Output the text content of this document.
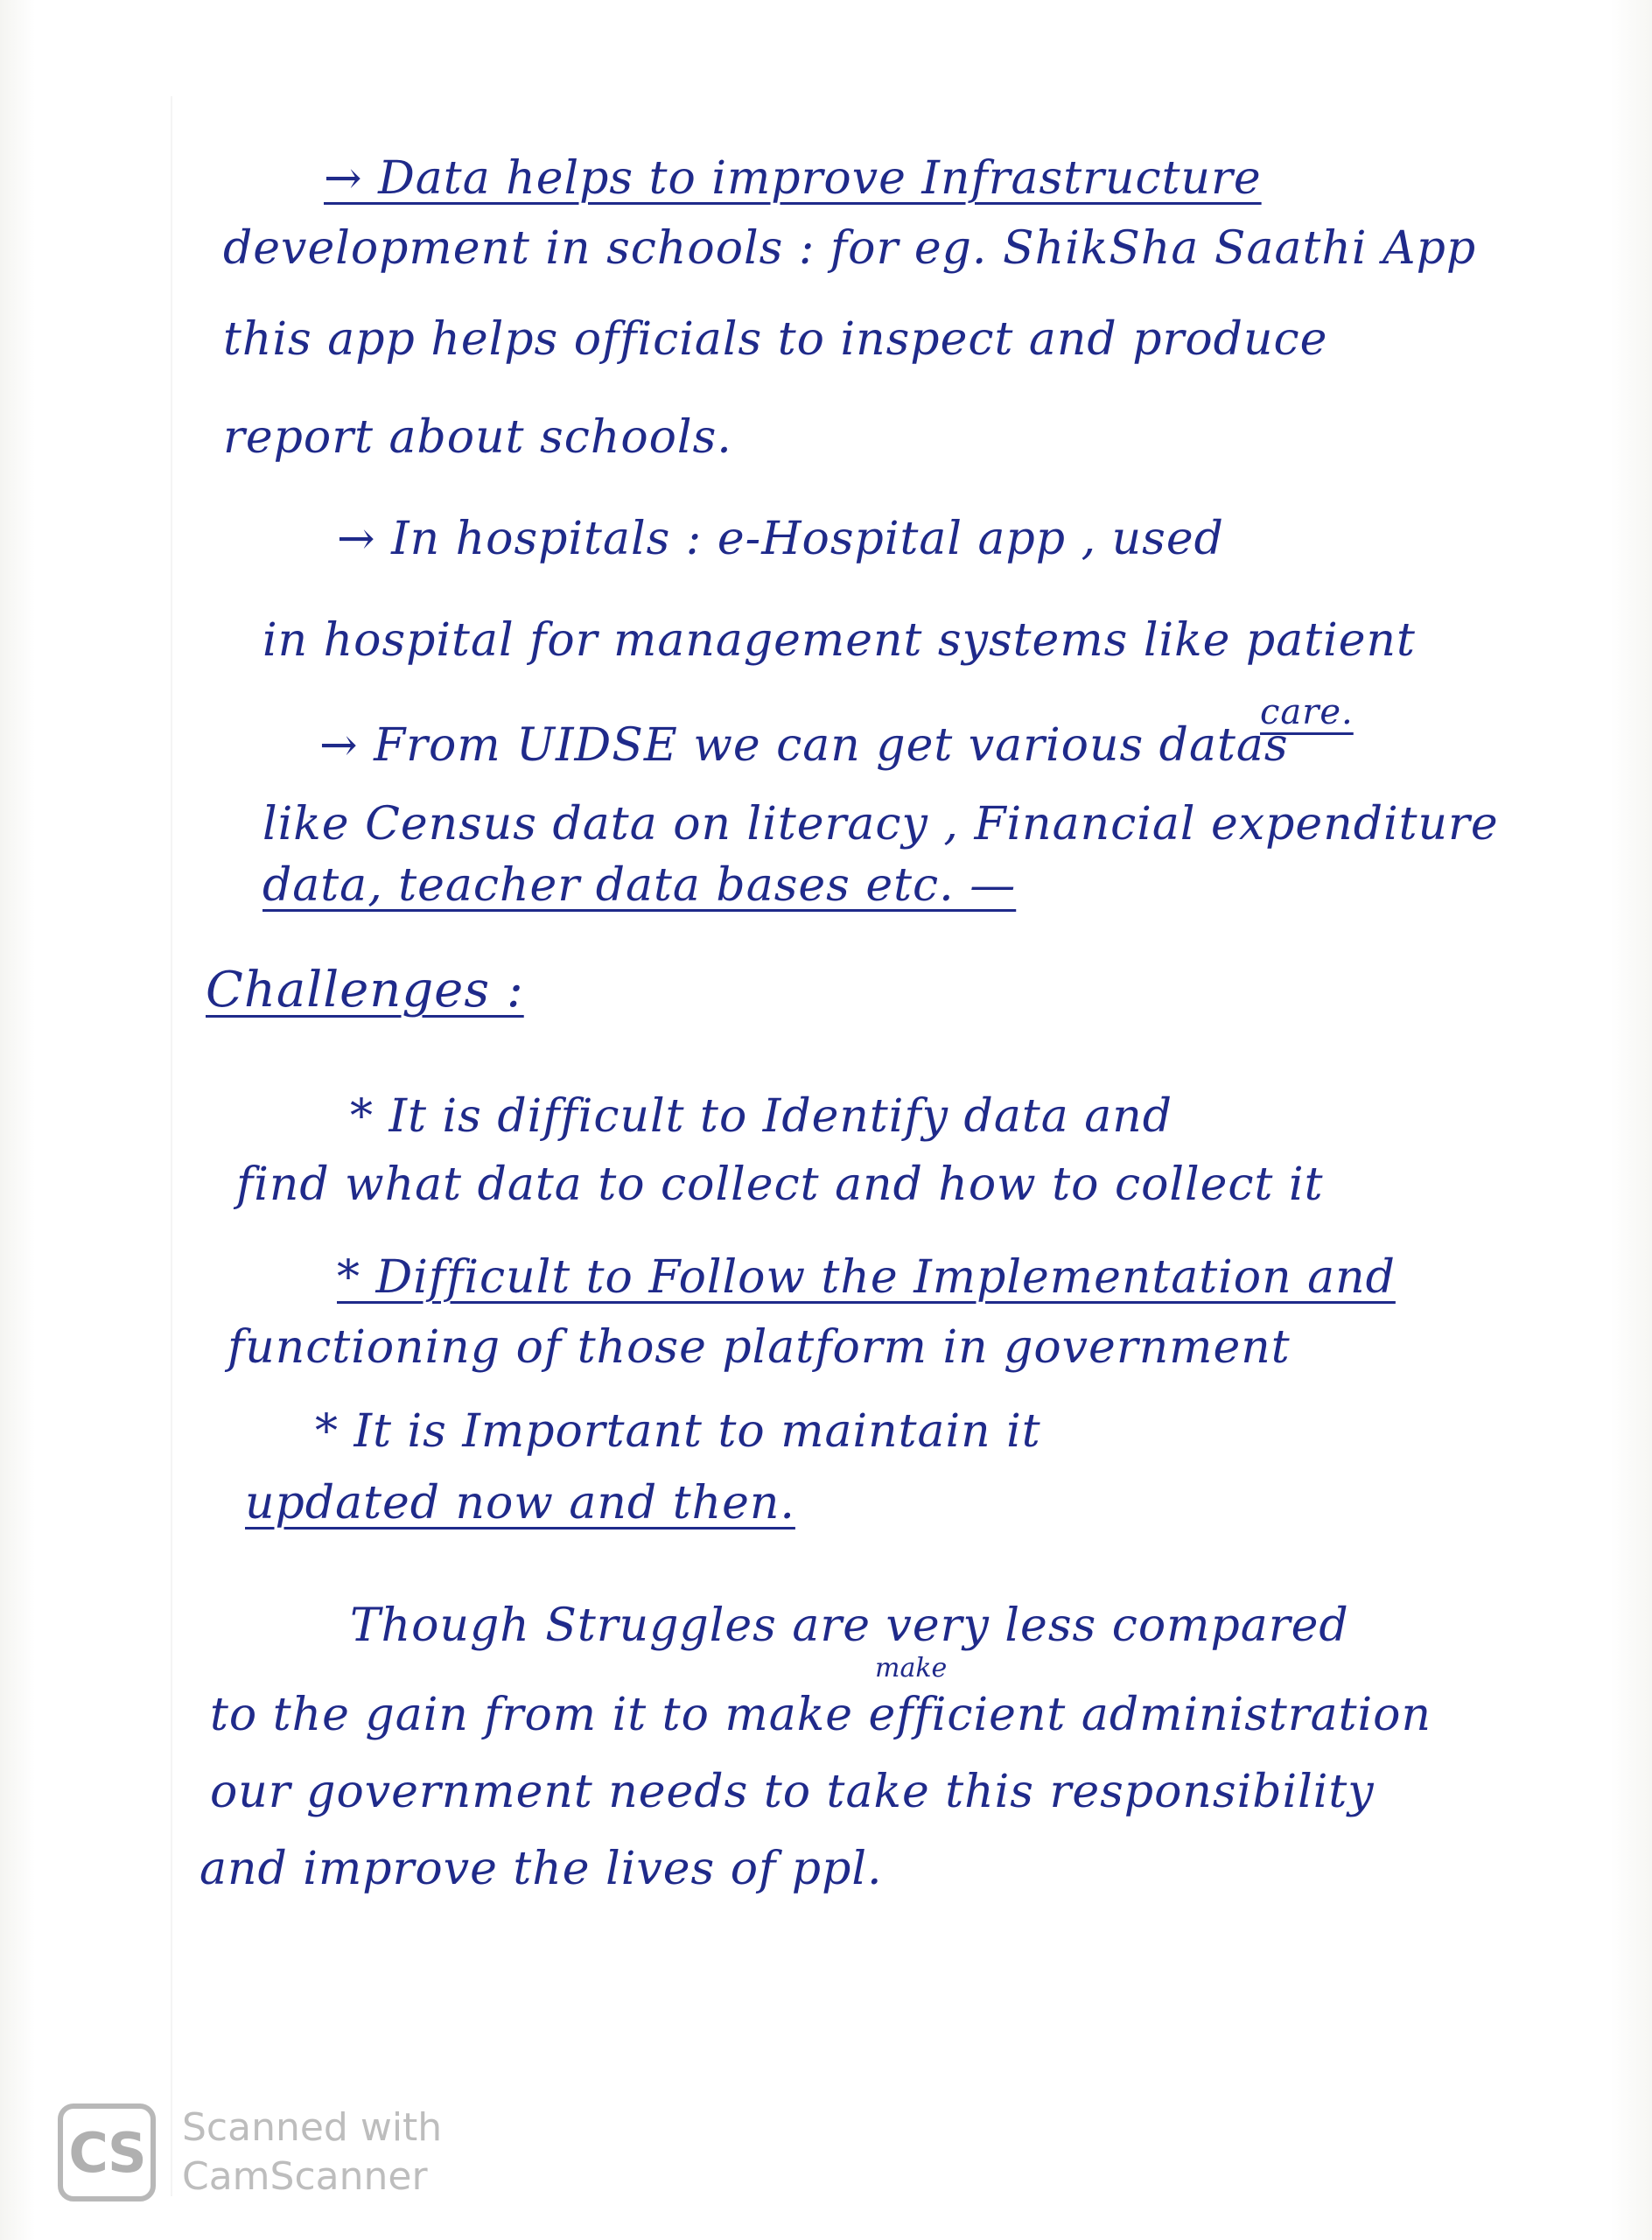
→ Data helps to improve Infrastructure
development in schools : for eg. ShikSha Saathi App
this app helps officials to inspect and produce
report about schools.
→ In hospitals : e-Hospital app , used
in hospital for management systems like patient
care.
→ From UIDSE we can get various datas
like Census data on literacy , Financial expenditure
data, teacher data bases etc. —
Challenges :
* It is difficult to Identify data and
find what data to collect and how to collect it
* Difficult to Follow the Implementation and
functioning of those platform in government
* It is Important to maintain it
updated now and then.
Though Struggles are very less compared
make
to the gain from it to make efficient administration
our government needs to take this responsibility
and improve the lives of ppl.
CS Scanned with
CamScanner
